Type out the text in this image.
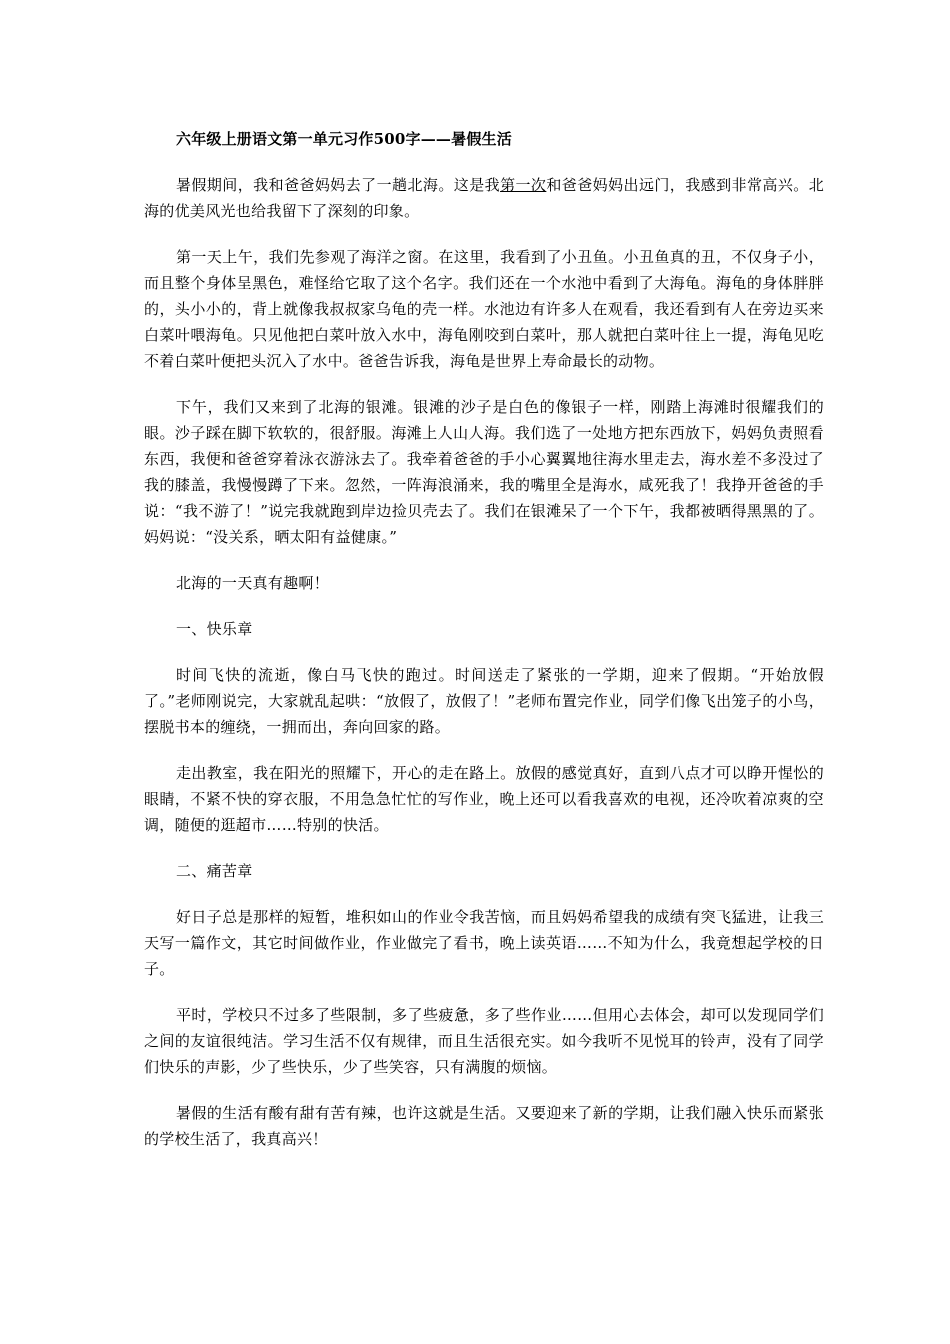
六年级上册语文第一单元习作500字——暑假生活

暑假期间，我和爸爸妈妈去了一趟北海。这是我第一次和爸爸妈妈出远门，我感到非常高兴。北海的优美风光也给我留下了深刻的印象。

第一天上午，我们先参观了海洋之窗。在这里，我看到了小丑鱼。小丑鱼真的丑，不仅身子小，而且整个身体呈黑色，难怪给它取了这个名字。我们还在一个水池中看到了大海龟。海龟的身体胖胖的，头小小的，背上就像我叔叔家乌龟的壳一样。水池边有许多人在观看，我还看到有人在旁边买来白菜叶喂海龟。只见他把白菜叶放入水中，海龟刚咬到白菜叶，那人就把白菜叶往上一提，海龟见吃不着白菜叶便把头沉入了水中。爸爸告诉我，海龟是世界上寿命最长的动物。

下午，我们又来到了北海的银滩。银滩的沙子是白色的像银子一样，刚踏上海滩时很耀我们的眼。沙子踩在脚下软软的，很舒服。海滩上人山人海。我们选了一处地方把东西放下，妈妈负责照看东西，我便和爸爸穿着泳衣游泳去了。我牵着爸爸的手小心翼翼地往海水里走去，海水差不多没过了我的膝盖，我慢慢蹲了下来。忽然，一阵海浪涌来，我的嘴里全是海水，咸死我了！我挣开爸爸的手说：“我不游了！”说完我就跑到岸边捡贝壳去了。我们在银滩呆了一个下午，我都被晒得黑黑的了。妈妈说：“没关系，晒太阳有益健康。”

北海的一天真有趣啊！

一、快乐章

时间飞快的流逝，像白马飞快的跑过。时间送走了紧张的一学期，迎来了假期。“开始放假了。”老师刚说完，大家就乱起哄：“放假了，放假了！”老师布置完作业，同学们像飞出笼子的小鸟，摆脱书本的缠绕，一拥而出，奔向回家的路。

走出教室，我在阳光的照耀下，开心的走在路上。放假的感觉真好，直到八点才可以睁开惺忪的眼睛，不紧不快的穿衣服，不用急急忙忙的写作业，晚上还可以看我喜欢的电视，还冷吹着凉爽的空调，随便的逛超市……特别的快活。

二、痛苦章

好日子总是那样的短暂，堆积如山的作业令我苦恼，而且妈妈希望我的成绩有突飞猛进，让我三天写一篇作文，其它时间做作业，作业做完了看书，晚上读英语……不知为什么，我竟想起学校的日子。

平时，学校只不过多了些限制，多了些疲惫，多了些作业……但用心去体会，却可以发现同学们之间的友谊很纯洁。学习生活不仅有规律，而且生活很充实。如今我听不见悦耳的铃声，没有了同学们快乐的声影，少了些快乐，少了些笑容，只有满腹的烦恼。

暑假的生活有酸有甜有苦有辣，也许这就是生活。又要迎来了新的学期，让我们融入快乐而紧张的学校生活了，我真高兴！
